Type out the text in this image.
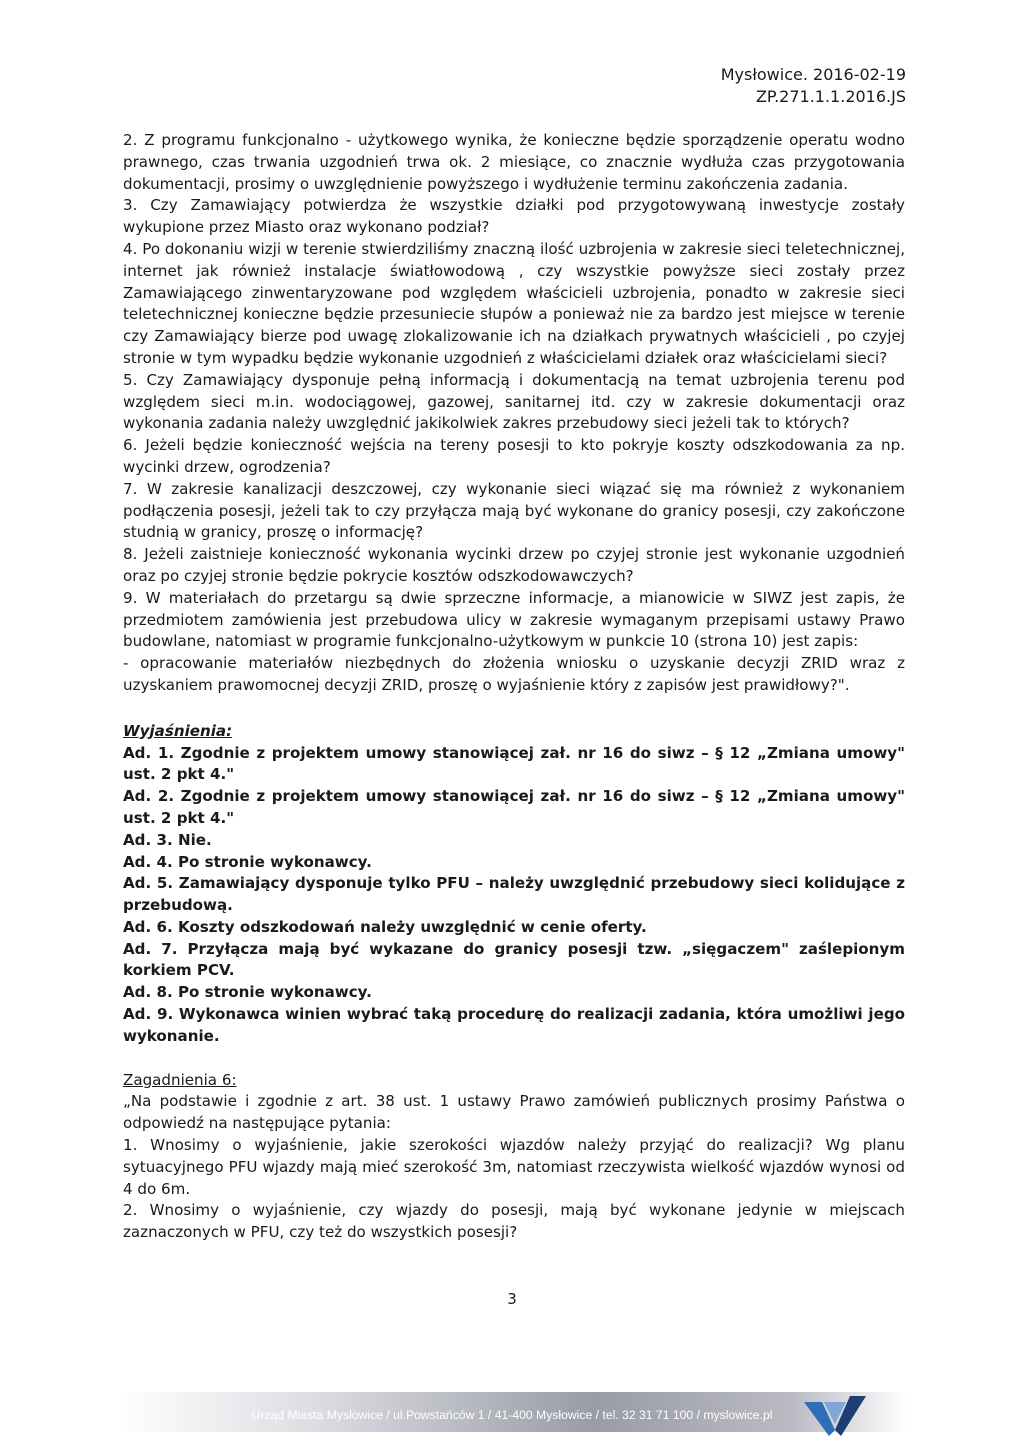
Mysłowice. 2016-02-19
ZP.271.1.1.2016.JS

2. Z programu funkcjonalno - użytkowego wynika, że konieczne będzie sporządzenie operatu wodno prawnego, czas trwania uzgodnień trwa ok. 2 miesiące, co znacznie wydłuża czas przygotowania dokumentacji, prosimy o uwzględnienie powyższego i wydłużenie terminu zakończenia zadania.

3. Czy Zamawiający potwierdza że wszystkie działki pod przygotowywaną inwestycje zostały wykupione przez Miasto oraz wykonano podział?

4. Po dokonaniu wizji w terenie stwierdziliśmy znaczną ilość uzbrojenia w zakresie sieci teletechnicznej, internet jak również instalacje światłowodową , czy wszystkie powyższe sieci zostały przez Zamawiającego zinwentaryzowane pod względem właścicieli uzbrojenia, ponadto w zakresie sieci teletechnicznej konieczne będzie przesuniecie słupów a ponieważ nie za bardzo jest miejsce w terenie czy Zamawiający bierze pod uwagę zlokalizowanie ich na działkach prywatnych właścicieli , po czyjej stronie w tym wypadku będzie wykonanie uzgodnień z właścicielami działek oraz właścicielami sieci?

5. Czy Zamawiający dysponuje pełną informacją i dokumentacją na temat uzbrojenia terenu pod względem sieci m.in. wodociągowej, gazowej, sanitarnej itd. czy w zakresie dokumentacji oraz wykonania zadania należy uwzględnić jakikolwiek zakres przebudowy sieci jeżeli tak to których?

6. Jeżeli będzie konieczność wejścia na tereny posesji to kto pokryje koszty odszkodowania za np. wycinki drzew, ogrodzenia?

7. W zakresie kanalizacji deszczowej, czy wykonanie sieci wiązać się ma również z wykonaniem podłączenia posesji, jeżeli tak to czy przyłącza mają być wykonane do granicy posesji, czy zakończone studnią w granicy, proszę o informację?

8. Jeżeli zaistnieje konieczność wykonania wycinki drzew po czyjej stronie jest wykonanie uzgodnień oraz po czyjej stronie będzie pokrycie kosztów odszkodowawczych?

9. W materiałach do przetargu są dwie sprzeczne informacje, a mianowicie w SIWZ jest zapis, że przedmiotem zamówienia jest przebudowa ulicy w zakresie wymaganym przepisami ustawy Prawo budowlane, natomiast w programie funkcjonalno-użytkowym w punkcie 10 (strona 10) jest zapis:

- opracowanie materiałów niezbędnych do złożenia wniosku o uzyskanie decyzji ZRID wraz z uzyskaniem prawomocnej decyzji ZRID, proszę o wyjaśnienie który z zapisów jest prawidłowy?".

Wyjaśnienia:

Ad. 1. Zgodnie z projektem umowy stanowiącej zał. nr 16 do siwz – § 12 „Zmiana umowy" ust. 2 pkt 4."

Ad. 2. Zgodnie z projektem umowy stanowiącej zał. nr 16 do siwz – § 12 „Zmiana umowy" ust. 2 pkt 4."

Ad. 3. Nie.

Ad. 4. Po stronie wykonawcy.

Ad. 5. Zamawiający dysponuje tylko PFU – należy uwzględnić przebudowy sieci kolidujące z przebudową.

Ad. 6. Koszty odszkodowań należy uwzględnić w cenie oferty.

Ad. 7. Przyłącza mają być wykazane do granicy posesji tzw. „sięgaczem" zaślepionym korkiem PCV.

Ad. 8. Po stronie wykonawcy.

Ad. 9. Wykonawca winien wybrać taką procedurę do realizacji zadania, która umożliwi jego wykonanie.

Zagadnienia 6:

„Na podstawie i zgodnie z art. 38 ust. 1 ustawy Prawo zamówień publicznych prosimy Państwa o odpowiedź na następujące pytania:

1. Wnosimy o wyjaśnienie, jakie szerokości wjazdów należy przyjąć do realizacji? Wg planu sytuacyjnego PFU wjazdy mają mieć szerokość 3m, natomiast rzeczywista wielkość wjazdów wynosi od 4 do 6m.

2. Wnosimy o wyjaśnienie, czy wjazdy do posesji, mają być wykonane jedynie w miejscach zaznaczonych w PFU, czy też do wszystkich posesji?

3
Urząd Miasta Mysłowice / ul.Powstańców 1 / 41-400 Mysłowice / tel. 32 31 71 100 / myslowice.pl
